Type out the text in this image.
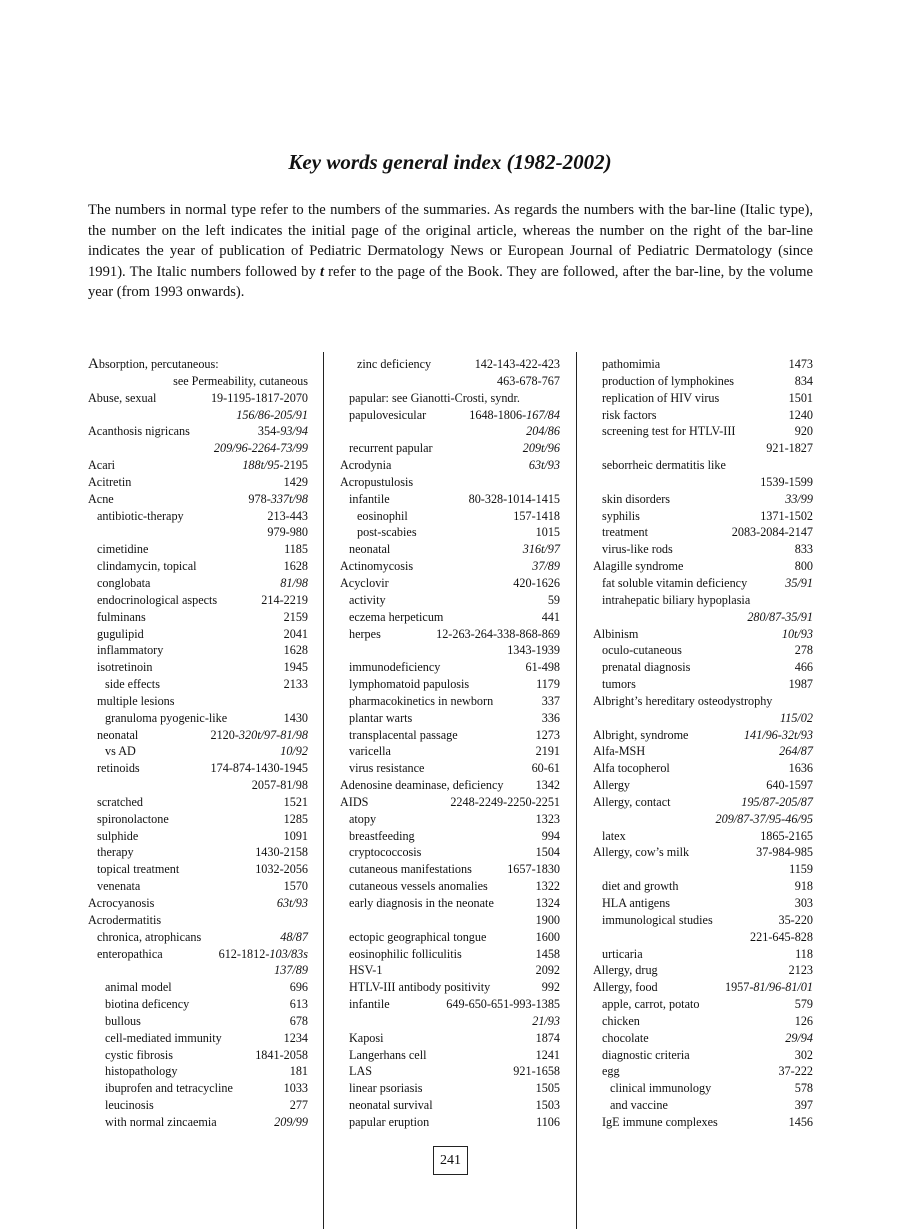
Key words general index (1982-2002)

The numbers in normal type refer to the numbers of the summaries. As regards the numbers with the bar-line (Italic type), the number on the left indicates the initial page of the original article, whereas the number on the right of the bar-line indicates the year of publication of Pediatric Dermatology News or European Journal of Pediatric Dermatology (since 1991). The Italic numbers followed by t refer to the page of the Book. They are followed, after the bar-line, by the volume year (from 1993 onwards).

Absorption, percutaneous:
see Permeability, cutaneous
Abuse, sexual	19-1195-1817-2070
156/86-205/91
Acanthosis nigricans	354-93/94
209/96-2264-73/99
Acari	188t/95-2195
Acitretin	1429
Acne	978-337t/98
antibiotic-therapy	213-443
979-980
cimetidine	1185
clindamycin, topical	1628
conglobata	81/98
endocrinological aspects	214-2219
fulminans	2159
gugulipid	2041
inflammatory	1628
isotretinoin	1945
side effects	2133
multiple lesions
granuloma pyogenic-like	1430
neonatal	2120-320t/97-81/98
vs AD	10/92
retinoids	174-874-1430-1945
2057-81/98
scratched	1521
spironolactone	1285
sulphide	1091
therapy	1430-2158
topical treatment	1032-2056
venenata	1570
Acrocyanosis	63t/93
Acrodermatitis
chronica, atrophicans	48/87
enteropathica	612-1812-103/83s
137/89
animal model	696
biotina deficency	613
bullous	678
cell-mediated immunity	1234
cystic fibrosis	1841-2058
histopathology	181
ibuprofen and tetracycline	1033
leucinosis	277
with normal zincaemia	209/99
zinc deficiency	142-143-422-423
463-678-767
papular: see Gianotti-Crosti, syndr.
papulovesicular	1648-1806-167/84
204/86
recurrent papular	209t/96
Acrodynia	63t/93
Acropustulosis
infantile	80-328-1014-1415
eosinophil	157-1418
post-scabies	1015
neonatal	316t/97
Actinomycosis	37/89
Acyclovir	420-1626
activity	59
eczema herpeticum	441
herpes	12-263-264-338-868-869
1343-1939
immunodeficiency	61-498
lymphomatoid papulosis	1179
pharmacokinetics in newborn	337
plantar warts	336
transplacental passage	1273
varicella	2191
virus resistance	60-61
Adenosine deaminase, deficiency	1342
AIDS	2248-2249-2250-2251
atopy	1323
breastfeeding	994
cryptococcosis	1504
cutaneous manifestations	1657-1830
cutaneous vessels anomalies	1322
early diagnosis in the neonate	1324
1900
ectopic geographical tongue	1600
eosinophilic folliculitis	1458
HSV-1	2092
HTLV-III antibody positivity	992
infantile	649-650-651-993-1385
21/93
Kaposi	1874
Langerhans cell	1241
LAS	921-1658
linear psoriasis	1505
neonatal survival	1503
papular eruption	1106
pathomimia	1473
production of lymphokines	834
replication of HIV virus	1501
risk factors	1240
screening test for HTLV-III	920
921-1827
seborrheic dermatitis like
1539-1599
skin disorders	33/99
syphilis	1371-1502
treatment	2083-2084-2147
virus-like rods	833
Alagille syndrome	800
fat soluble vitamin deficiency	35/91
intrahepatic biliary hypoplasia
280/87-35/91
Albinism	10t/93
oculo-cutaneous	278
prenatal diagnosis	466
tumors	1987
Albright’s hereditary osteodystrophy
115/02
Albright, syndrome	141/96-32t/93
Alfa-MSH	264/87
Alfa tocopherol	1636
Allergy	640-1597
Allergy, contact	195/87-205/87
209/87-37/95-46/95
latex	1865-2165
Allergy, cow’s milk	37-984-985
1159
diet and growth	918
HLA antigens	303
immunological studies	35-220
221-645-828
urticaria	118
Allergy, drug	2123
Allergy, food	1957-81/96-81/01
apple, carrot, potato	579
chicken	126
chocolate	29/94
diagnostic criteria	302
egg	37-222
clinical immunology	578
and vaccine	397
IgE immune complexes	1456
241
